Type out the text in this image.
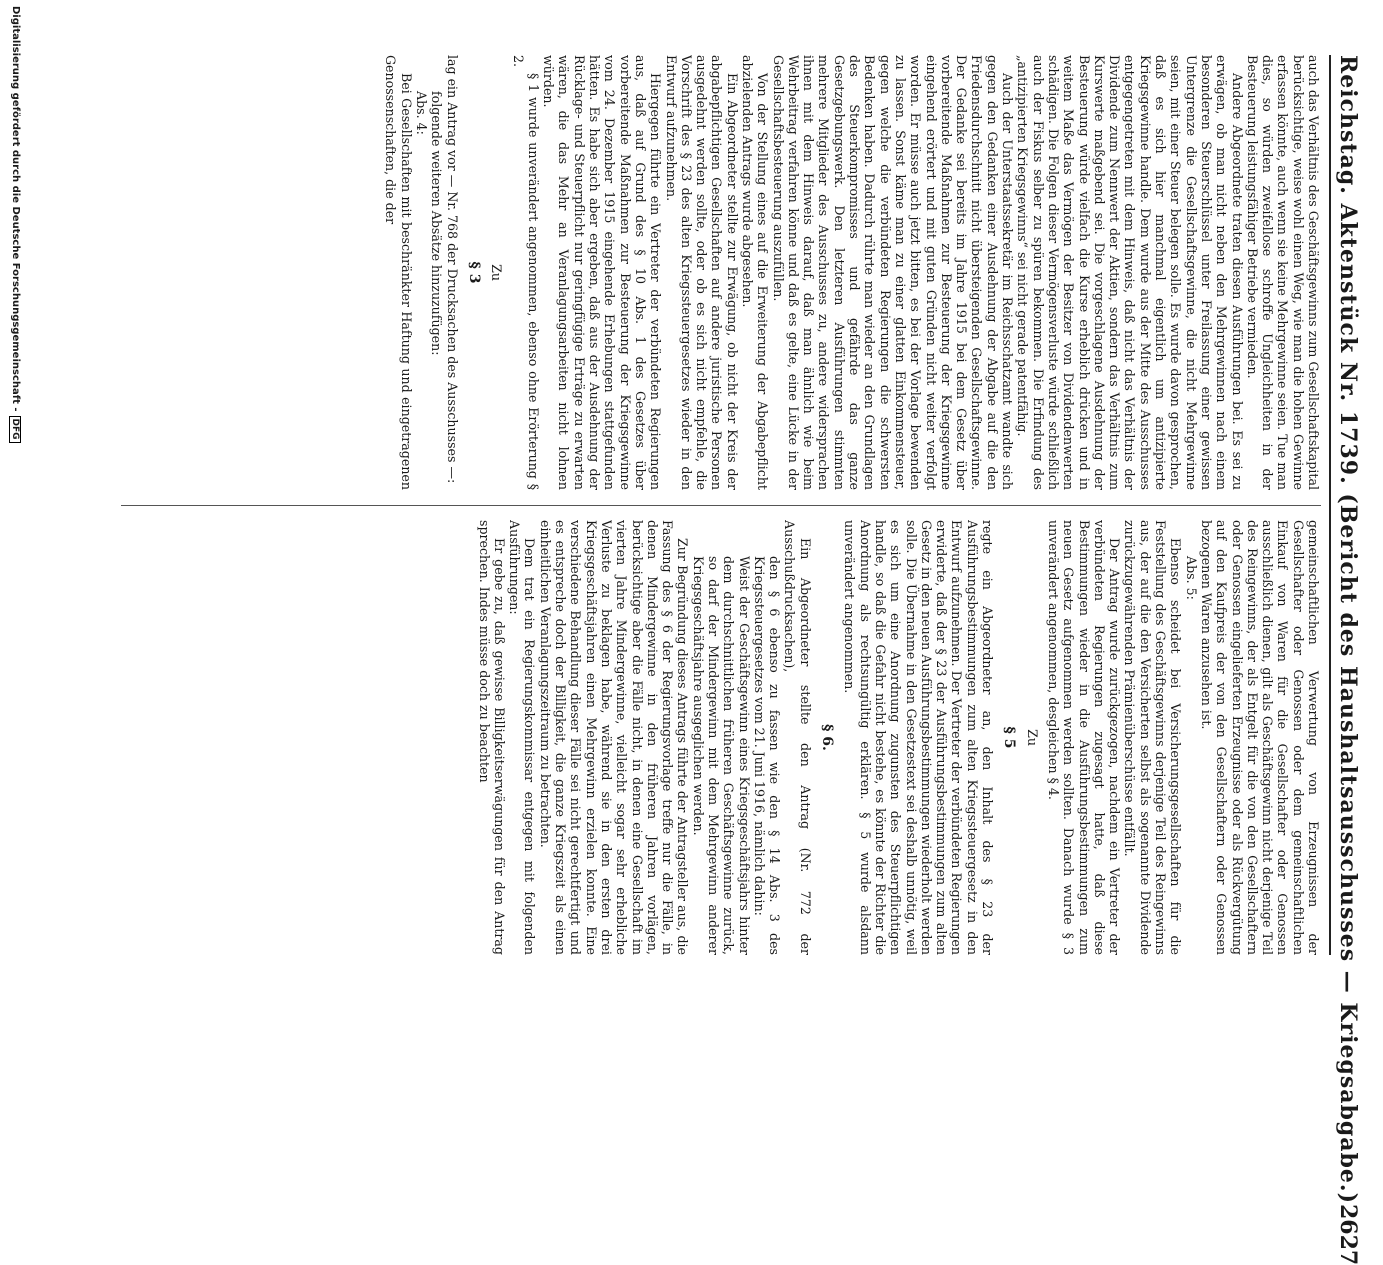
Reichstag. Aktenstück Nr. 1739. (Bericht des Haushaltsausschusses — Kriegsabgabe.)
2627
auch das Verhältnis des Geschäftsgewinns zum Gesellschaftskapital berücksichtige, weise wohl einen Weg, wie man die hohen Gewinne erfassen könnte, auch wenn sie keine Mehrgewinne seien. Tue man dies, so würden zweifellose schroffe Ungleichheiten in der Besteuerung leistungsfähiger Betriebe vermieden.
Andere Abgeordnete traten diesen Ausführungen bei. Es sei zu erwägen, ob man nicht neben den Mehrgewinnen nach einem besonderen Steuerschlüssel unter Freilassung einer gewissen Untergrenze die Gesellschaftsgewinne, die nicht Mehrgewinne seien, mit einer Steuer belegen solle. Es wurde davon gesprochen, daß es sich hier manchmal eigentlich um antizipierte Kriegsgewinne handle. Dem wurde aus der Mitte des Ausschusses entgegengetreten mit dem Hinweis, daß nicht das Verhältnis der Dividende zum Nennwert der Aktien, sondern das Verhältnis zum Kurswerte maßgebend sei. Die vorgeschlagene Ausdehnung der Besteuerung würde vielfach die Kurse erheblich drücken und in weitem Maße das Vermögen der Besitzer von Dividendenwerten schädigen. Die Folgen dieser Vermögensverluste würde schließlich auch der Fiskus selber zu spüren bekommen. Die Erfindung des „antizipierten Kriegsgewinns“ sei nicht gerade patentfähig.
Auch der Unterstaatssekretär im Reichsschatzamt wandte sich gegen den Gedanken einer Ausdehnung der Abgabe auf die den Friedensdurchschnitt nicht übersteigenden Gesellschaftsgewinne. Der Gedanke sei bereits im Jahre 1915 bei dem Gesetz über vorbereitende Maßnahmen zur Besteuerung der Kriegsgewinne eingehend erörtert und mit guten Gründen nicht weiter verfolgt worden. Er müsse auch jetzt bitten, es bei der Vorlage bewenden zu lassen. Sonst käme man zu einer glatten Einkommensteuer, gegen welche die verbündeten Regierungen die schwersten Bedenken haben. Dadurch rührte man wieder an den Grundlagen des Steuerkompromisses und gefährde das ganze Gesetzgebungswerk. Den letzteren Ausführungen stimmten mehrere Mitglieder des Ausschusses zu, andere widersprachen ihnen mit dem Hinweis darauf, daß man ähnlich wie beim Wehrbeitrag verfahren könne und daß es gelte, eine Lücke in der Gesellschaftsbesteuerung auszufüllen.
Von der Stellung eines auf die Erweiterung der Abgabepflicht abzielenden Antrags wurde abgesehen.
Ein Abgeordneter stellte zur Erwägung, ob nicht der Kreis der abgabepflichtigen Gesellschaften auf andere juristische Personen ausgedehnt werden sollte, oder ob es sich nicht empfehle, die Vorschrift des § 23 des alten Kriegssteuergesetzes wieder in den Entwurf aufzunehmen.
Hiergegen führte ein Vertreter der verbündeten Regierungen aus, daß auf Grund des § 10 Abs. 1 des Gesetzes über vorbereitende Maßnahmen zur Besteuerung der Kriegsgewinne vom 24. Dezember 1915 eingehende Erhebungen stattgefunden hätten. Es habe sich aber ergeben, daß aus der Ausdehnung der Rücklage- und Steuerpflicht nur geringfügige Erträge zu erwarten wären, die das Mehr an Veranlagungsarbeiten nicht lohnen würden.
§ 1 wurde unverändert angenommen, ebenso ohne Erörterung § 2.
Zu
§ 3
lag ein Antrag vor — Nr. 768 der Drucksachen des Ausschusses —:
folgende weiteren Absätze hinzuzufügen:
Abs. 4:
Bei Gesellschaften mit beschränkter Haftung und eingetragenen Genossenschaften, die der
gemeinschaftlichen Verwertung von Erzeugnissen der Gesellschafter oder Genossen oder dem gemeinschaftlichen Einkauf von Waren für die Gesellschafter oder Genossen ausschließlich dienen, gilt als Geschäftsgewinn nicht derjenige Teil des Reingewinns, der als Entgelt für die von den Gesellschaftern oder Genossen eingelieferten Erzeugnisse oder als Rückvergütung auf den Kaufpreis der von den Gesellschaftern oder Genossen bezogenen Waren anzusehen ist.
Abs. 5:
Ebenso scheidet bei Versicherungsgesellschaften für die Feststellung des Geschäftsgewinns derjenige Teil des Reingewinns aus, der auf die den Versicherten selbst als sogenannte Dividende zurückzugewährenden Prämienüberschüsse entfällt.
Der Antrag wurde zurückgezogen, nachdem ein Vertreter der verbündeten Regierungen zugesagt hatte, daß diese Bestimmungen wieder in die Ausführungsbestimmungen zum neuen Gesetz aufgenommen werden sollten. Danach wurde § 3 unverändert angenommen, desgleichen § 4.
Zu
§ 5
regte ein Abgeordneter an, den Inhalt des § 23 der Ausführungsbestimmungen zum alten Kriegssteuergesetz in den Entwurf aufzunehmen. Der Vertreter der verbündeten Regierungen erwiderte, daß der § 23 der Ausführungsbestimmungen zum alten Gesetz in den neuen Ausführungsbestimmungen wiederholt werden solle. Die Übernahme in den Gesetzestext sei deshalb unnötig, weil es sich um eine Anordnung zugunsten des Steuerpflichtigen handle, so daß die Gefahr nicht bestehe, es könnte der Richter die Anordnung als rechtsungültig erklären. § 5 wurde alsdann unverändert angenommen.
§ 6.
Ein Abgeordneter stellte den Antrag (Nr. 772 der Ausschußdrucksachen),
den § 6 ebenso zu fassen wie den § 14 Abs. 3 des Kriegssteuergesetzes vom 21. Juni 1916, nämlich dahin:
Weist der Geschäftsgewinn eines Kriegsgeschäftsjahrs hinter dem durchschnittlichen früheren Geschäftsgewinne zurück, so darf der Mindergewinn mit dem Mehrgewinn anderer Kriegsgeschäftsjahre ausgeglichen werden.
Zur Begründung dieses Antrags führte der Antragsteller aus, die Fassung des § 6 der Regierungsvorlage treffe nur die Fälle, in denen Mindergewinne in den früheren Jahren vorlägen, berücksichtige aber die Fälle nicht, in denen eine Gesellschaft im vierten Jahre Mindergewinne, vielleicht sogar sehr erhebliche Verluste zu beklagen habe, während sie in den ersten drei Kriegsgeschäftsjahren einen Mehrgewinn erzielen konnte. Eine verschiedene Behandlung dieser Fälle sei nicht gerechtfertigt und es entspreche doch der Billigkeit, die ganze Kriegszeit als einen einheitlichen Veranlagungszeitraum zu betrachten.
Dem trat ein Regierungskommissar entgegen mit folgenden Ausführungen:
Er gebe zu, daß gewisse Billigkeitserwägungen für den Antrag sprechen. Indes müsse doch zu beachten
Digitalisierung gefördert durch die Deutsche Forschungsgemeinschaft -DFG
